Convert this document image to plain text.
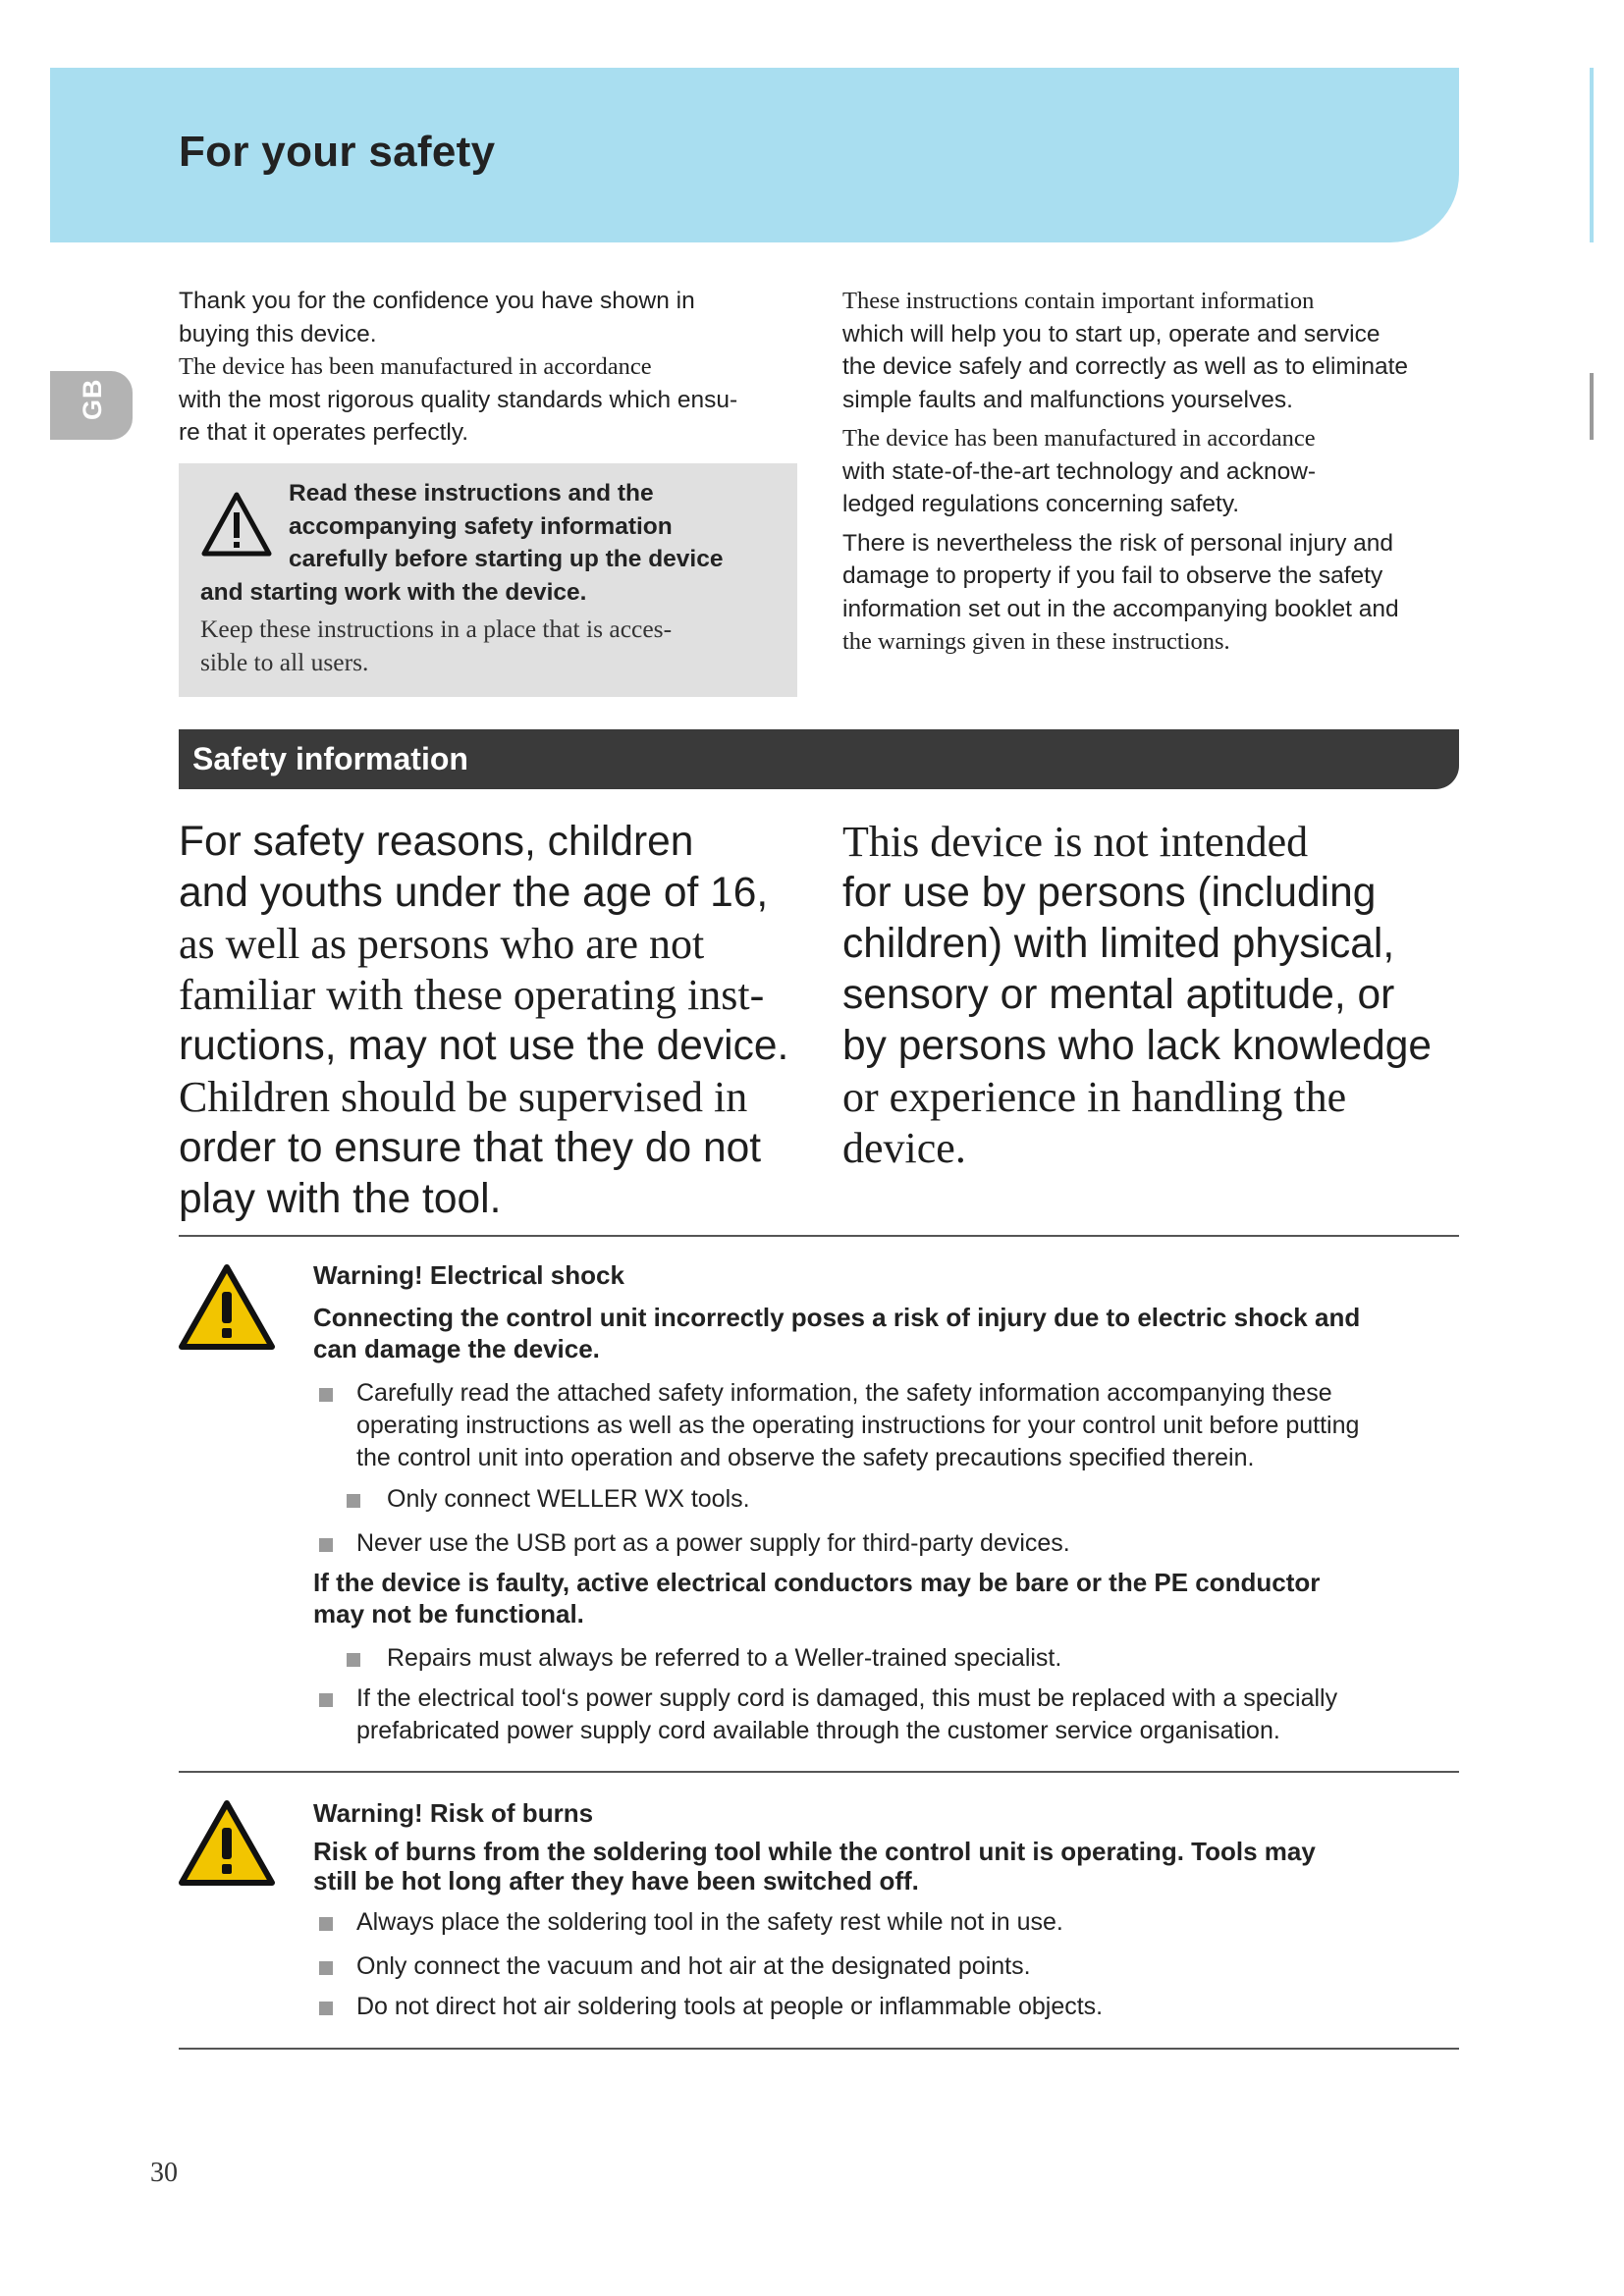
For your safety
GB

Thank you for the confidence you have shown in buying this device.

The device has been manufactured in accordance
with the most rigorous quality standards which ensu-
re that it operates perfectly.

Read these instructions and the
accompanying safety information
carefully before starting up the device
and starting work with the device.

Keep these instructions in a place that is acces-
sible to all users.

These instructions contain important information
which will help you to start up, operate and service
the device safely and correctly as well as to eliminate
simple faults and malfunctions yourselves.

The device has been manufactured in accordance
with state-of-the-art technology and acknow-
ledged regulations concerning safety.

There is nevertheless the risk of personal injury and
damage to property if you fail to observe the safety
information set out in the accompanying booklet and
the warnings given in these instructions.

Safety information
For safety reasons, children
and youths under the age of 16,
as well as persons who are not
familiar with these operating inst-
ructions, may not use the device.
Children should be supervised in
order to ensure that they do not
play with the tool.
This device is not intended
for use by persons (including
children) with limited physical,
sensory or mental aptitude, or
by persons who lack knowledge
or experience in handling the
device.

Warning! Electrical shock

Connecting the control unit incorrectly poses a risk of injury due to electric shock and
can damage the device.

Carefully read the attached safety information, the safety information accompanying these
operating instructions as well as the operating instructions for your control unit before putting
the control unit into operation and observe the safety precautions specified therein.
Only connect WELLER WX tools.
Never use the USB port as a power supply for third-party devices.

If the device is faulty, active electrical conductors may be bare or the PE conductor
may not be functional.

Repairs must always be referred to a Weller-trained specialist.
If the electrical tool‘s power supply cord is damaged, this must be replaced with a specially
prefabricated power supply cord available through the customer service organisation.

Warning! Risk of burns

Risk of burns from the soldering tool while the control unit is operating. Tools may
still be hot long after they have been switched off.

Always place the soldering tool in the safety rest while not in use.
Only connect the vacuum and hot air at the designated points.
Do not direct hot air soldering tools at people or inflammable objects.
30
